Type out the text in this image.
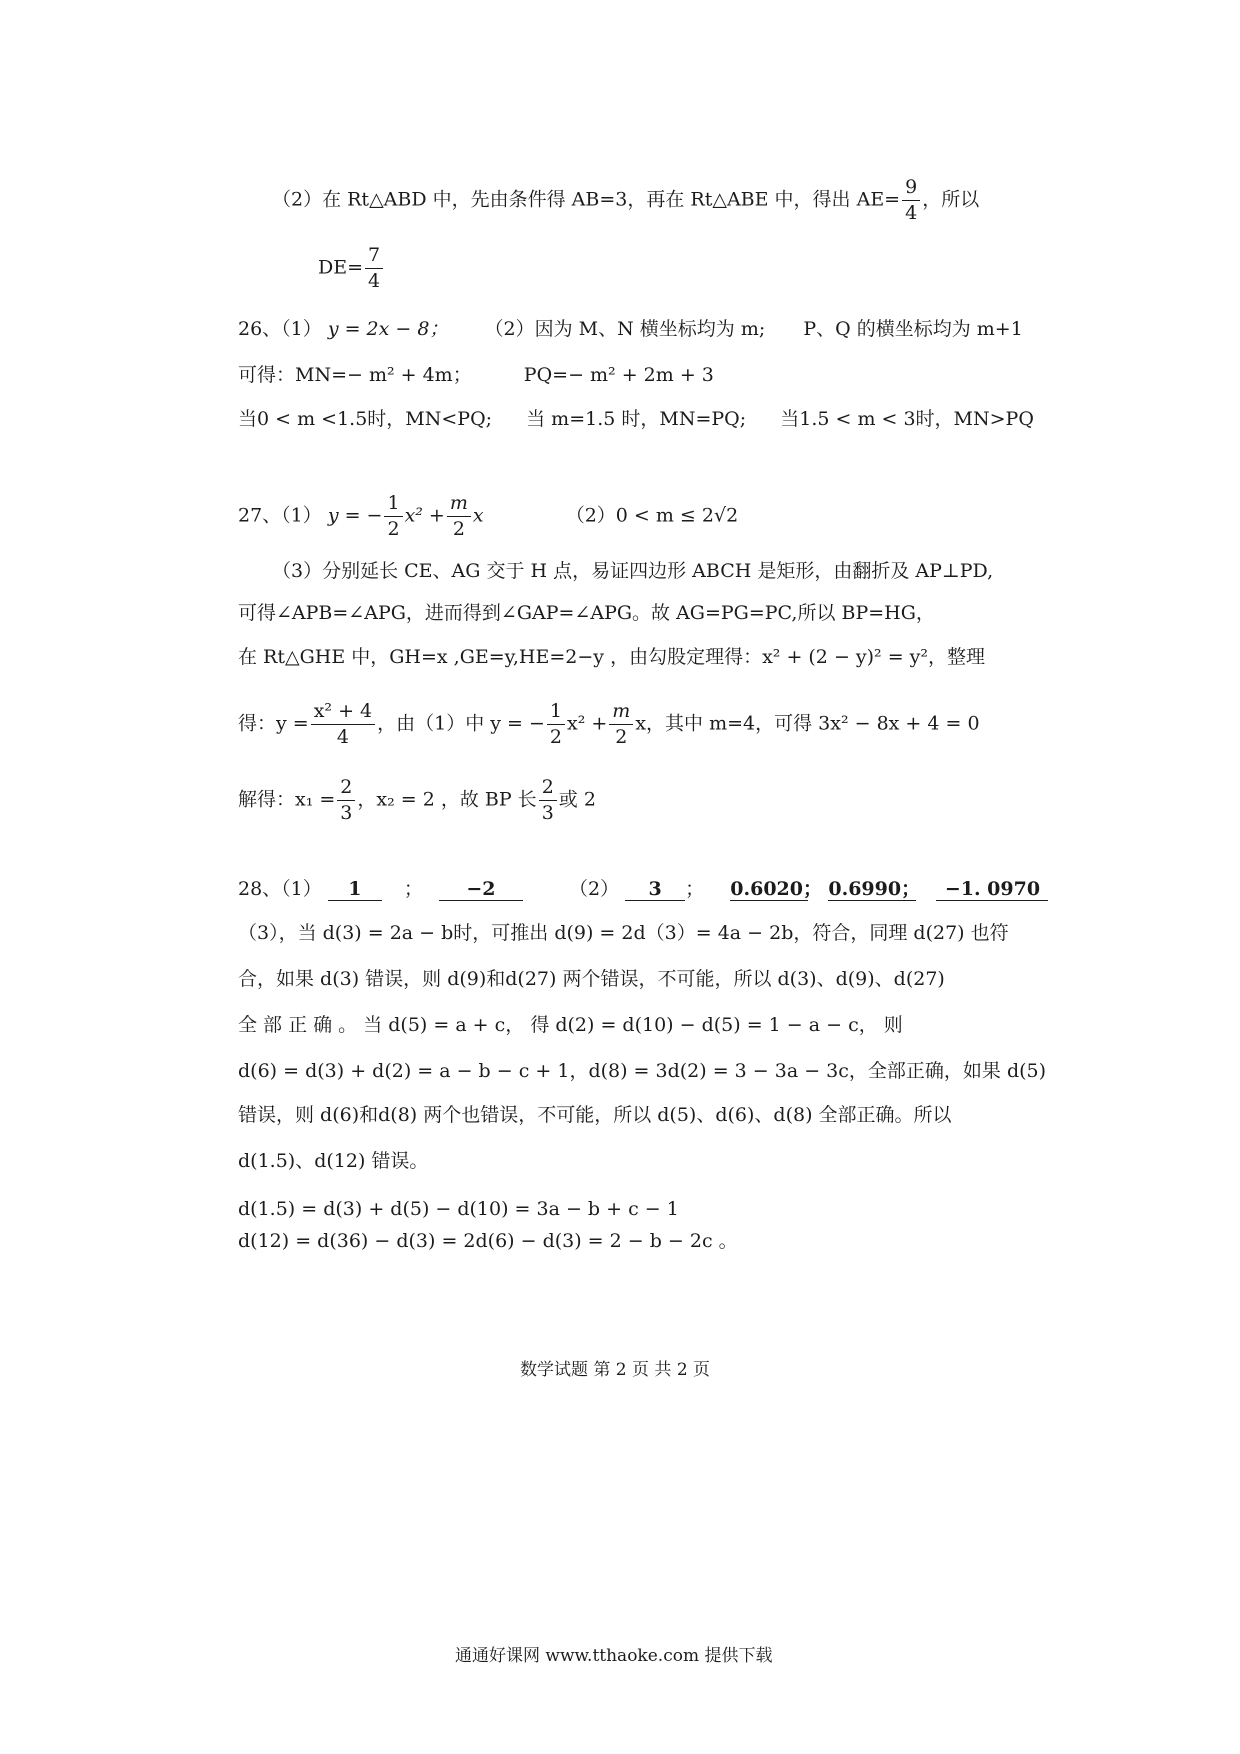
（2）在 Rt△ABD 中，先由条件得 AB=3，再在 Rt△ABE 中，得出 $AE= \frac{9}{4}$ ，所以
$DE= \frac{7}{4}$
26、（1） y = 2x − 8； （2）因为 M、N 横坐标均为 m; P、Q 的横坐标均为 m+1
可得：MN=− m² + 4m；	PQ=− m² + 2m + 3
当0 < m <1.5时，MN<PQ; 当 m=1.5 时，MN=PQ; 当1.5 < m < 3时，MN>PQ
27、（1） y = − $\frac{1}{2} x^2 + \frac{m}{2}$ x	（2）0 < m ≤ 2√2
（3）分别延长 CE、AG 交于 H 点，易证四边形 ABCH 是矩形，由翻折及 AP⊥PD,
可得∠APB=∠APG，进而得到∠GAP=∠APG。故 AG=PG=PC,所以 BP=HG，
在 Rt△GHE 中，GH=x ,GE=y,HE=2−y ，由勾股定理得：x² + (2 − y)² = y²，整理
得：$y = \frac{\text{x² + 4}}{4}$ ，由（1）中 y = − $\frac{1}{2} x^2 + \frac{m}{2}$ x，其中 m=4，可得 3x² − 8x + 4 = 0
解得：$x_1 = \frac{2}{3}$ ，x₂ = 2 ，故 BP 长 $\frac{2}{3}$ 或 2
28、（1） 1 ； −2	（2） 3 ； 0.6020； 0.6990； −1. 0970
（3），当 d(3) = 2a − b时，可推出 d(9) = 2d（3）= 4a − 2b，符合，同理 d(27) 也符
合，如果 d(3) 错误，则 d(9)和d(27) 两个错误，不可能，所以 d(3)、d(9)、d(27)
全 部 正 确 。 当 d(5) = a + c， 得 d(2) = d(10) − d(5) = 1 − a − c， 则
d(6) = d(3) + d(2) = a − b − c + 1，d(8) = 3d(2) = 3 − 3a − 3c，全部正确，如果 d(5)
错误，则 d(6)和d(8) 两个也错误，不可能，所以 d(5)、d(6)、d(8) 全部正确。所以
d(1.5)、d(12) 错误。
d(1.5) = d(3) + d(5) − d(10) = 3a − b + c − 1
d(12) = d(36) − d(3) = 2d(6) − d(3) = 2 − b − 2c 。
数学试题 第 2 页 共 2 页
通通好课网 www.tthaoke.com 提供下载
